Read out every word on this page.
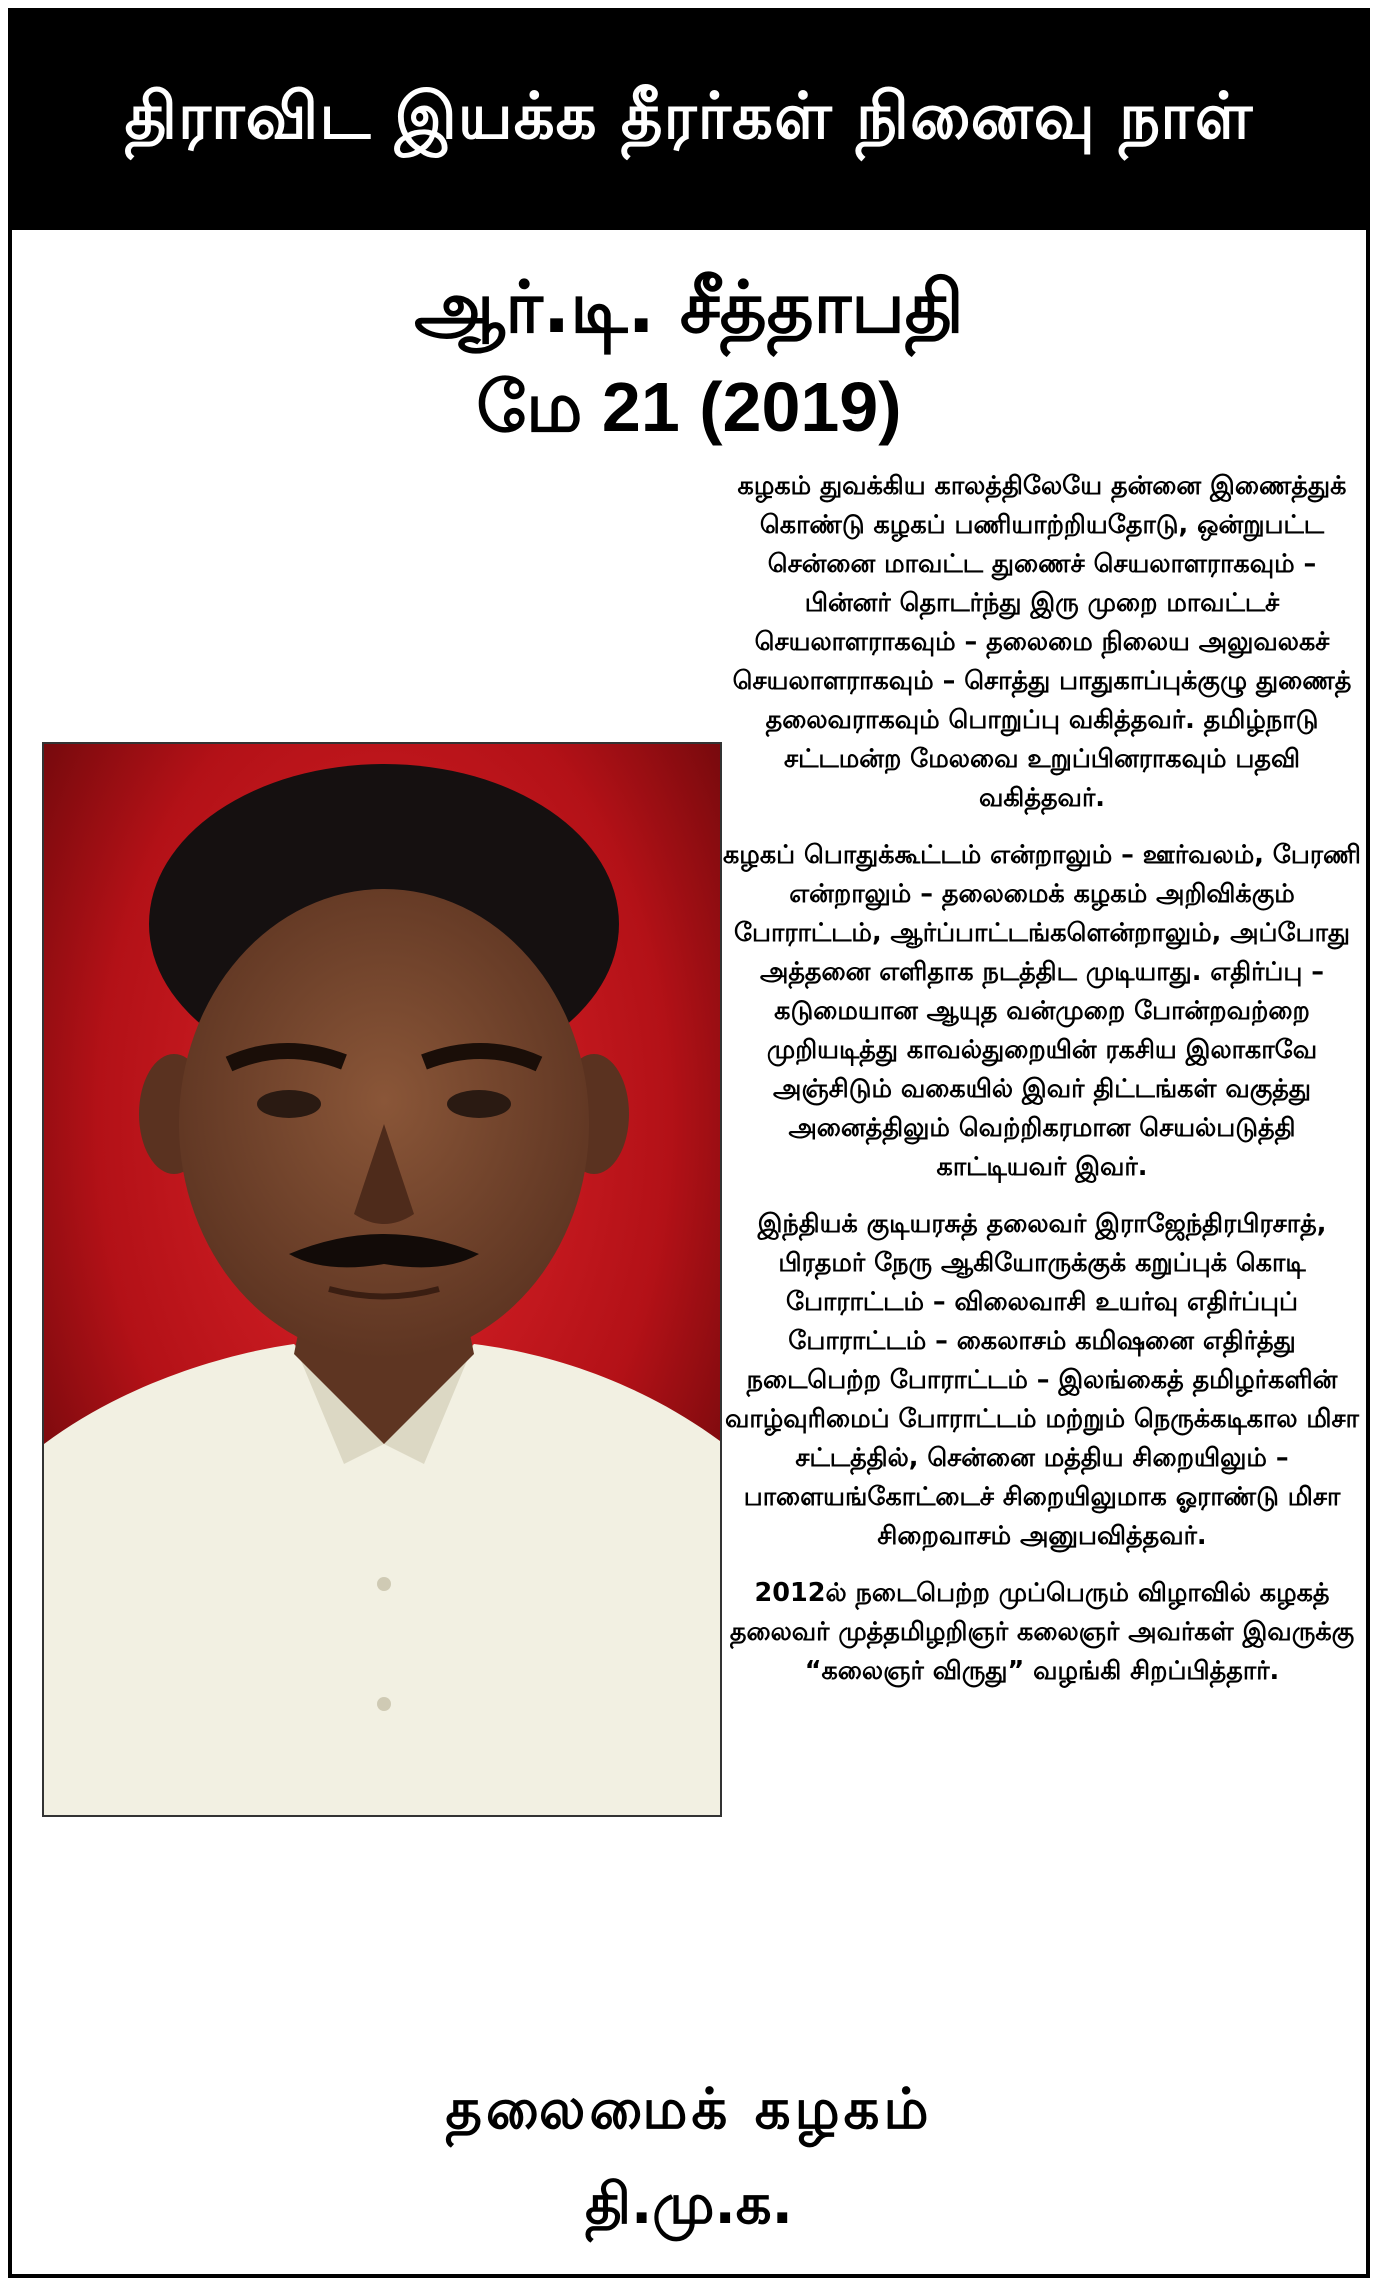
திராவிட இயக்க தீரர்கள் நினைவு நாள்
ஆர்.டி. சீத்தாபதி
மே 21 (2019)

கழகம் துவக்கிய காலத்திலேயே தன்னை இணைத்துக் கொண்டு கழகப் பணியாற்றியதோடு, ஒன்றுபட்ட சென்னை மாவட்ட துணைச் செயலாளராகவும் – பின்னர் தொடர்ந்து இரு முறை மாவட்டச் செயலாளராகவும் – தலைமை நிலைய அலுவலகச் செயலாளராகவும் – சொத்து பாதுகாப்புக்குழு துணைத் தலைவராகவும் பொறுப்பு வகித்தவர். தமிழ்நாடு சட்டமன்ற மேலவை உறுப்பினராகவும் பதவி வகித்தவர்.

கழகப் பொதுக்கூட்டம் என்றாலும் – ஊர்வலம், பேரணி என்றாலும் – தலைமைக் கழகம் அறிவிக்கும் போராட்டம், ஆர்ப்பாட்டங்களென்றாலும், அப்போது அத்தனை எளிதாக நடத்திட முடியாது. எதிர்ப்பு – கடுமையான ஆயுத வன்முறை போன்றவற்றை முறியடித்து காவல்துறையின் ரகசிய இலாகாவே அஞ்சிடும் வகையில் இவர் திட்டங்கள் வகுத்து அனைத்திலும் வெற்றிகரமான செயல்படுத்தி காட்டியவர் இவர்.

இந்தியக் குடியரசுத் தலைவர் இராஜேந்திரபிரசாத், பிரதமர் நேரு ஆகியோருக்குக் கறுப்புக் கொடி போராட்டம் – விலைவாசி உயர்வு எதிர்ப்புப் போராட்டம் – கைலாசம் கமிஷனை எதிர்த்து நடைபெற்ற போராட்டம் – இலங்கைத் தமிழர்களின் வாழ்வுரிமைப் போராட்டம் மற்றும் நெருக்கடிகால மிசா சட்டத்தில், சென்னை மத்திய சிறையிலும் – பாளையங்கோட்டைச் சிறையிலுமாக ஓராண்டு மிசா சிறைவாசம் அனுபவித்தவர்.

2012ல் நடைபெற்ற முப்பெரும் விழாவில் கழகத் தலைவர் முத்தமிழறிஞர் கலைஞர் அவர்கள் இவருக்கு “கலைஞர் விருது” வழங்கி சிறப்பித்தார்.

தலைமைக் கழகம்
தி.மு.க.
